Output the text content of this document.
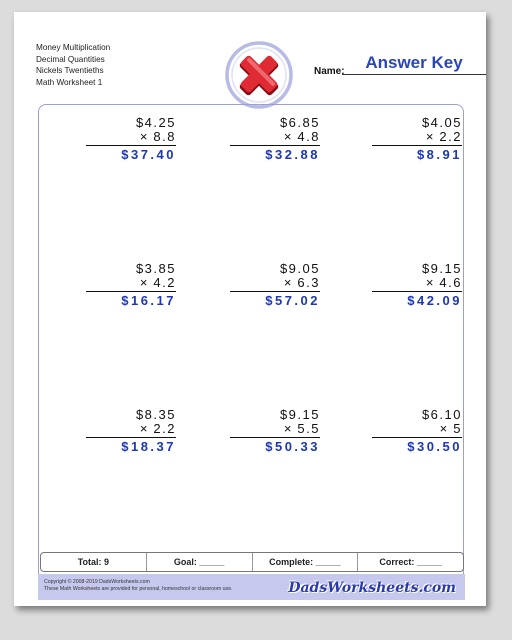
Money Multiplication
Decimal Quantities
Nickels Twentieths
Math Worksheet 1
Name:	Answer Key
$4.25
× 8.8
$37.40
$6.85
× 4.8
$32.88
$4.05
× 2.2
$8.91
$3.85
× 4.2
$16.17
$9.05
× 6.3
$57.02
$9.15
× 4.6
$42.09
$8.35
× 2.2
$18.37
$9.15
× 5.5
$50.33
$6.10
× 5
$30.50
Total: 9	Goal: _____	Complete: _____	Correct: _____
Copyright © 2008-2019 DadsWorksheets.com
These Math Worksheets are provided for personal, homeschool or classroom use.	DadsWorksheets.com
